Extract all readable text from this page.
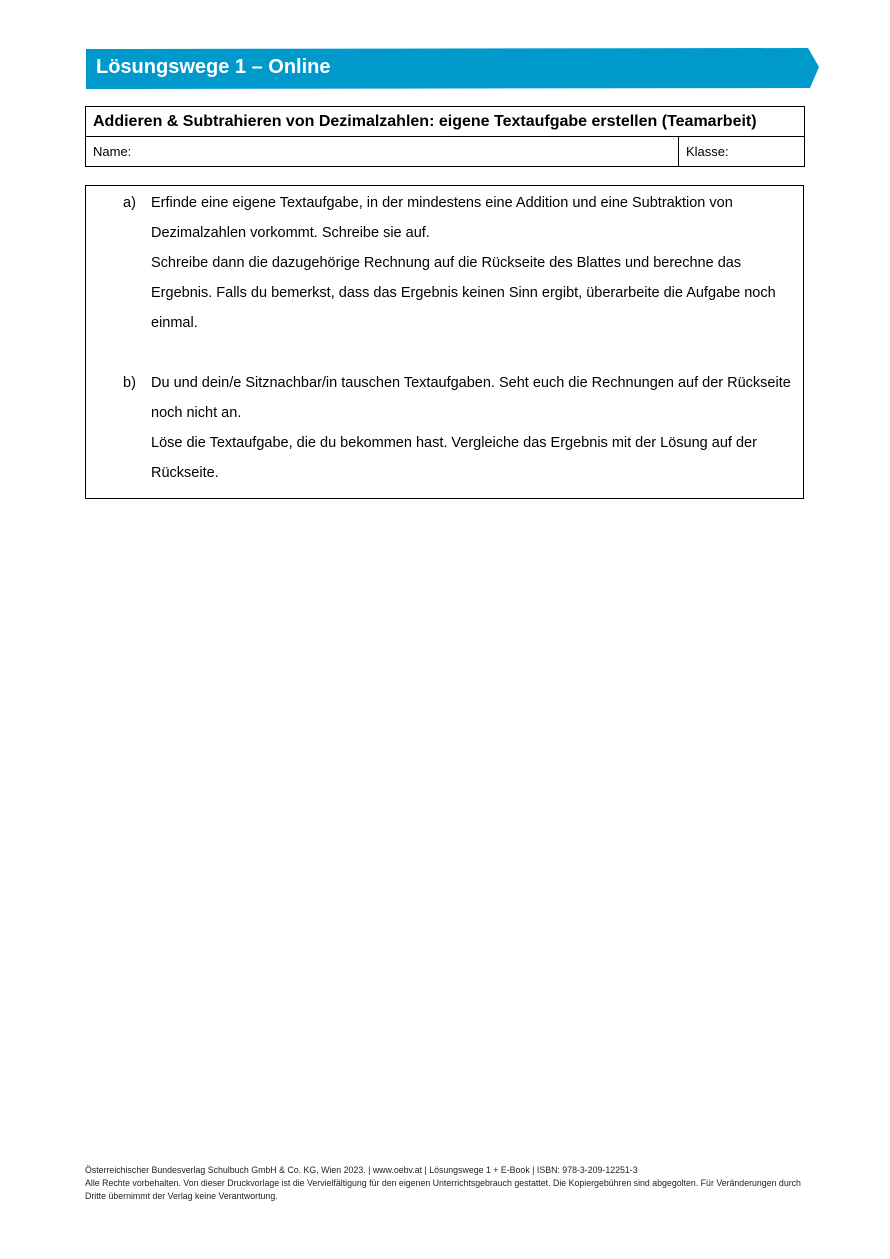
Lösungswege 1 – Online
Addieren & Subtrahieren von Dezimalzahlen: eigene Textaufgabe erstellen (Teamarbeit)
Name:	Klasse:
a) Erfinde eine eigene Textaufgabe, in der mindestens eine Addition und eine Subtraktion von Dezimalzahlen vorkommt. Schreibe sie auf.

Schreibe dann die dazugehörige Rechnung auf die Rückseite des Blattes und berechne das Ergebnis. Falls du bemerkst, dass das Ergebnis keinen Sinn ergibt, überarbeite die Aufgabe noch einmal.

b) Du und dein/e Sitznachbar/in tauschen Textaufgaben. Seht euch die Rechnungen auf der Rückseite noch nicht an.

Löse die Textaufgabe, die du bekommen hast. Vergleiche das Ergebnis mit der Lösung auf der Rückseite.

Österreichischer Bundesverlag Schulbuch GmbH & Co. KG, Wien 2023. | www.oebv.at | Lösungswege 1 + E-Book | ISBN: 978-3-209-12251-3

Alle Rechte vorbehalten. Von dieser Druckvorlage ist die Vervielfältigung für den eigenen Unterrichtsgebrauch gestattet. Die Kopiergebühren sind abgegolten. Für Veränderungen durch Dritte übernimmt der Verlag keine Verantwortung.
